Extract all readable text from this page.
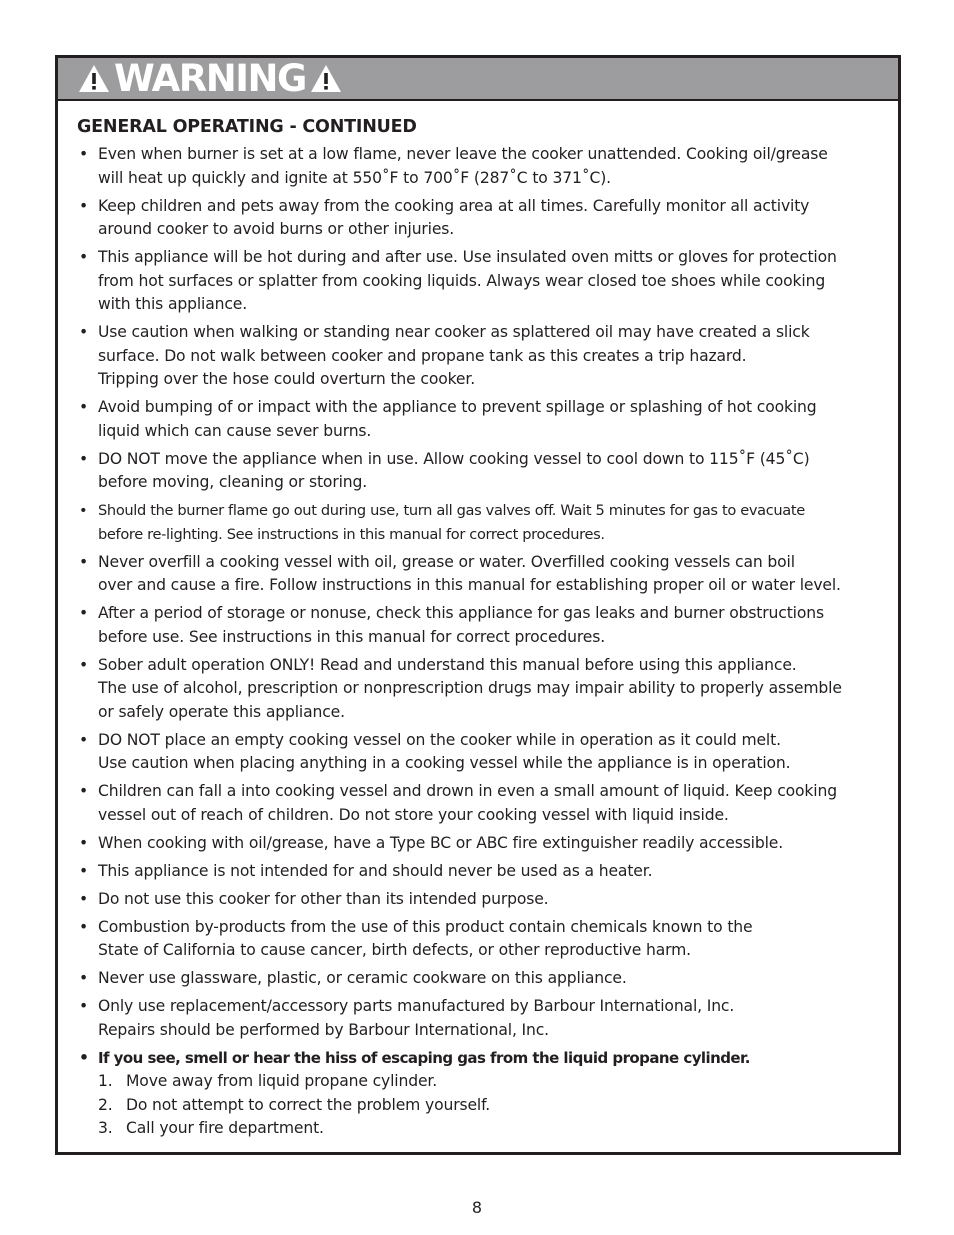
WARNING
GENERAL OPERATING - CONTINUED
• Even when burner is set at a low flame, never leave the cooker unattended. Cooking oil/grease
will heat up quickly and ignite at 550˚F to 700˚F (287˚C to 371˚C).
• Keep children and pets away from the cooking area at all times. Carefully monitor all activity
around cooker to avoid burns or other injuries.
• This appliance will be hot during and after use. Use insulated oven mitts or gloves for protection
from hot surfaces or splatter from cooking liquids. Always wear closed toe shoes while cooking
with this appliance.
• Use caution when walking or standing near cooker as splattered oil may have created a slick
surface. Do not walk between cooker and propane tank as this creates a trip hazard.
Tripping over the hose could overturn the cooker.
• Avoid bumping of or impact with the appliance to prevent spillage or splashing of hot cooking
liquid which can cause sever burns.
• DO NOT move the appliance when in use. Allow cooking vessel to cool down to 115˚F (45˚C)
before moving, cleaning or storing.
• Should the burner flame go out during use, turn all gas valves off. Wait 5 minutes for gas to evacuate
before re-lighting. See instructions in this manual for correct procedures.
• Never overfill a cooking vessel with oil, grease or water. Overfilled cooking vessels can boil
over and cause a fire. Follow instructions in this manual for establishing proper oil or water level.
• After a period of storage or nonuse, check this appliance for gas leaks and burner obstructions
before use. See instructions in this manual for correct procedures.
• Sober adult operation ONLY! Read and understand this manual before using this appliance.
The use of alcohol, prescription or nonprescription drugs may impair ability to properly assemble
or safely operate this appliance.
• DO NOT place an empty cooking vessel on the cooker while in operation as it could melt.
Use caution when placing anything in a cooking vessel while the appliance is in operation.
• Children can fall a into cooking vessel and drown in even a small amount of liquid. Keep cooking
vessel out of reach of children. Do not store your cooking vessel with liquid inside.
• When cooking with oil/grease, have a Type BC or ABC fire extinguisher readily accessible.
• This appliance is not intended for and should never be used as a heater.
• Do not use this cooker for other than its intended purpose.
• Combustion by-products from the use of this product contain chemicals known to the
State of California to cause cancer, birth defects, or other reproductive harm.
• Never use glassware, plastic, or ceramic cookware on this appliance.
• Only use replacement/accessory parts manufactured by Barbour International, Inc.
Repairs should be performed by Barbour International, Inc.
• If you see, smell or hear the hiss of escaping gas from the liquid propane cylinder.
1. Move away from liquid propane cylinder.
2. Do not attempt to correct the problem yourself.
3. Call your fire department.
8
